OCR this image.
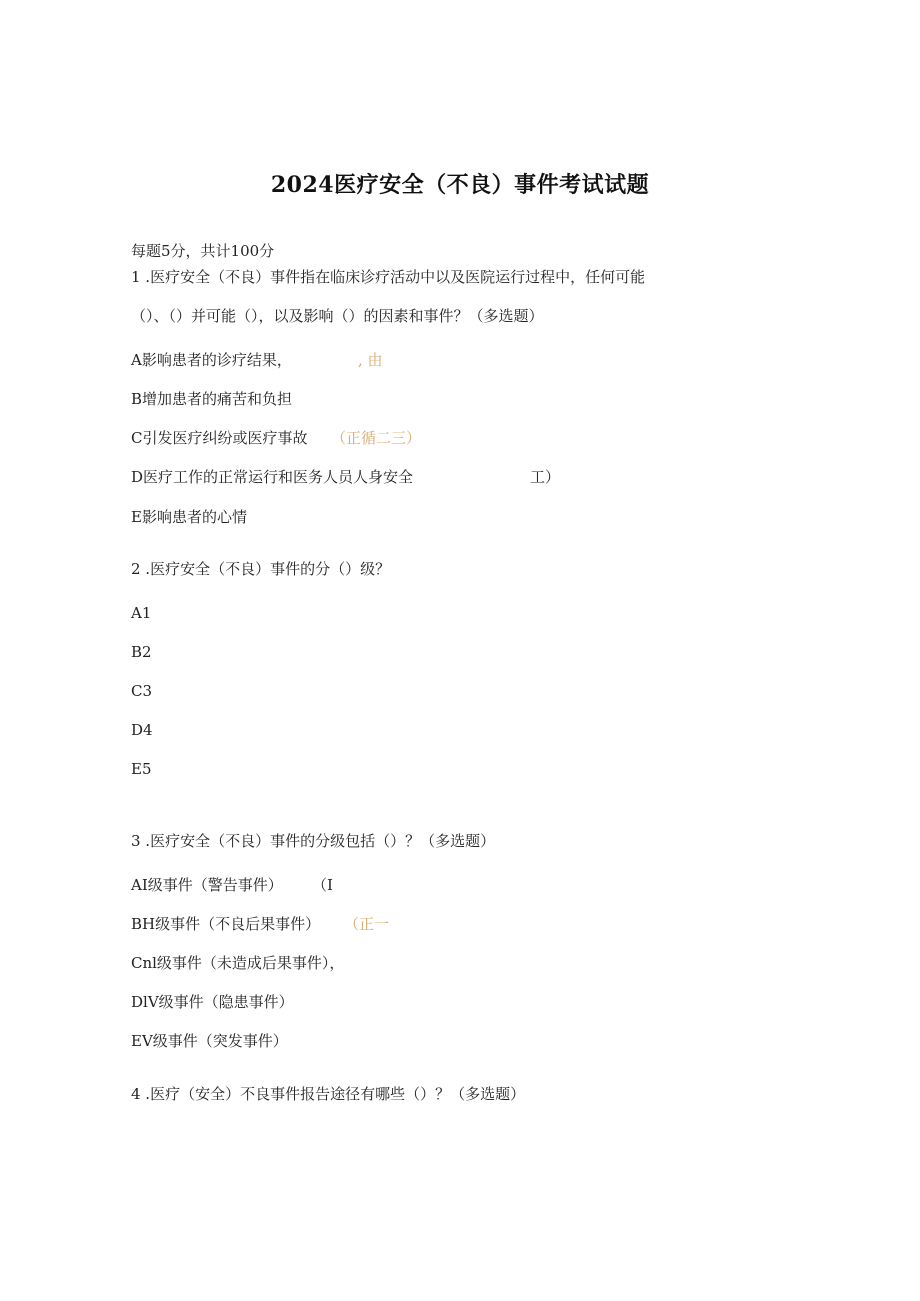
2024医疗安全（不良）事件考试试题
每题5分，共计100分
1 .医疗安全（不良）事件指在临床诊疗活动中以及医院运行过程中，任何可能
（）、（）并可能（），以及影响（）的因素和事件？（多选题）
A影响患者的诊疗结果，	, 由
B增加患者的痛苦和负担
C引发医疗纠纷或医疗事故 （正循二三）
D医疗工作的正常运行和医务人员人身安全	工）
E影响患者的心情
2 .医疗安全（不良）事件的分（）级？
A1
B2
C3
D4
E5
3 .医疗安全（不良）事件的分级包括（）？（多选题）
AI级事件（警告事件） （I
BH级事件（不良后果事件） （正一
Cnl级事件（未造成后果事件），
DlV级事件（隐患事件）
EV级事件（突发事件）
4 .医疗（安全）不良事件报告途径有哪些（）？（多选题）
